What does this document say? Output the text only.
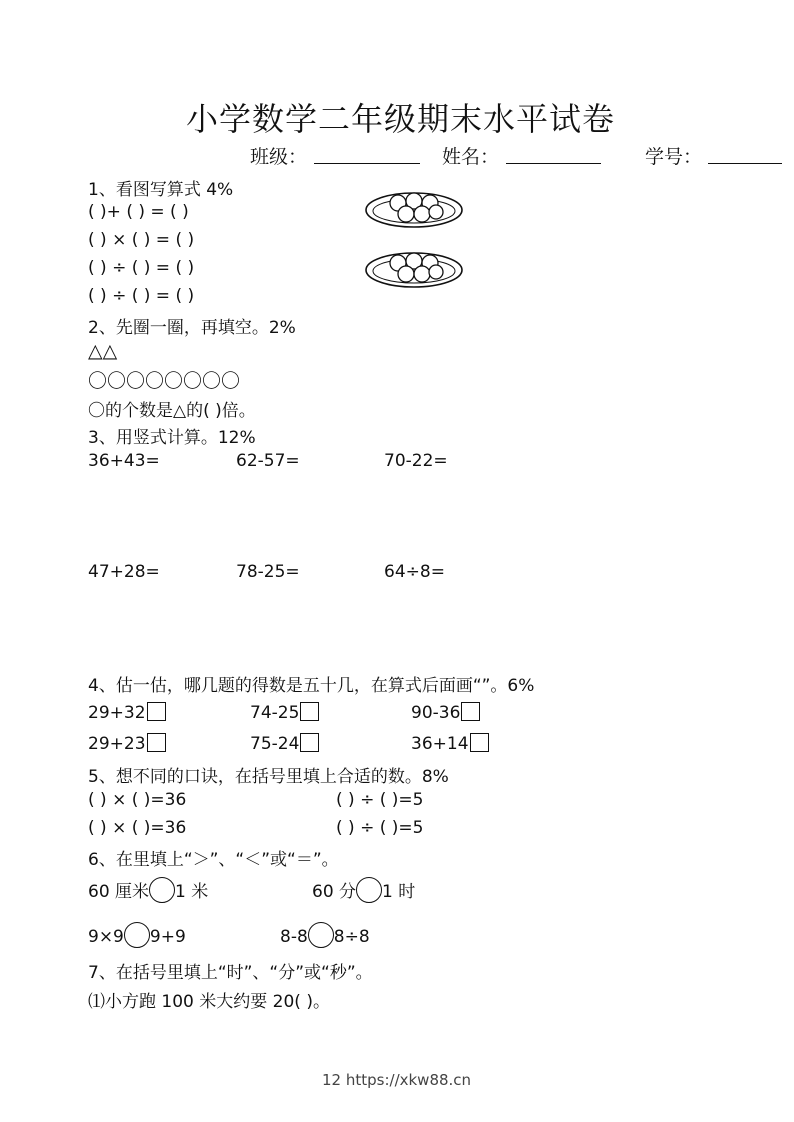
小学数学二年级期末水平试卷
班级：	姓名：	学号：
1、看图写算式 4%
( )+ ( ) = ( )
( ) × ( ) = ( )
( ) ÷ ( ) = ( )
( ) ÷ ( ) = ( )
2、先圈一圈，再填空。2%
△△
〇〇〇〇〇〇〇〇
〇的个数是△的( )倍。
3、用竖式计算。12%
36+43=	62-57=	70-22=
47+28=	78-25=	64÷8=
4、估一估，哪几题的得数是五十几，在算式后面画“”。6%
29+32	74-25	90-36
29+23	75-24	36+14
5、想不同的口诀，在括号里填上合适的数。8%
( ) × ( )=36	( ) ÷ ( )=5
( ) × ( )=36	( ) ÷ ( )=5
6、在里填上“＞”、“＜”或“＝”。
60 厘米 1 米	60 分 1 时
9×9 9+9	8-8 8÷8
7、在括号里填上“时”、“分”或“秒”。
⑴小方跑 100 米大约要 20( )。
12 https://xkw88.cn
